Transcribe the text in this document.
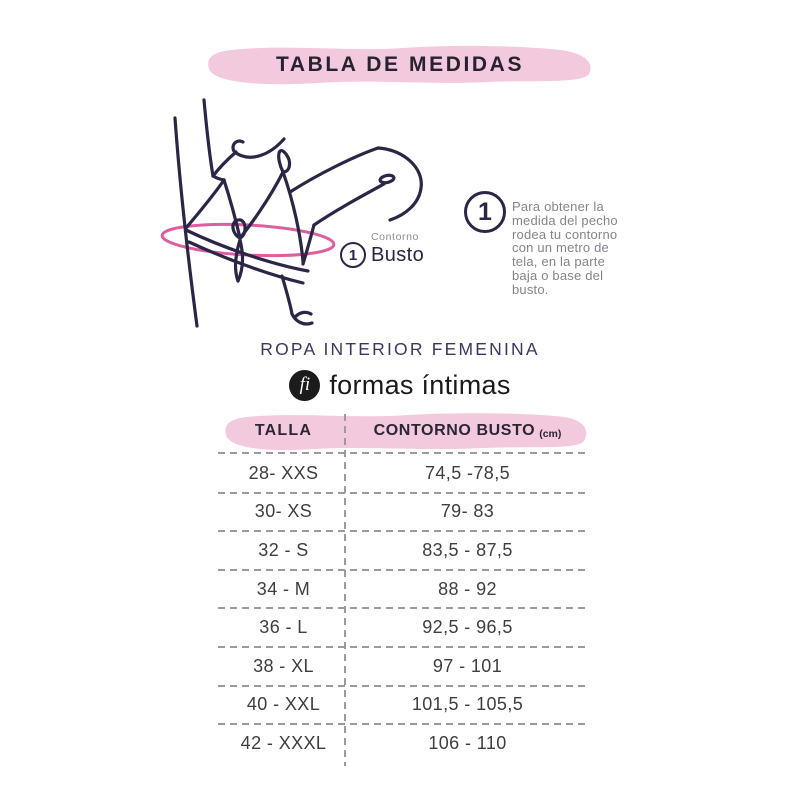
TABLA DE MEDIDAS
1
Contorno
Busto
1 Para obtener la medida del pecho rodea tu contorno con un metro de tela, en la parte baja o base del busto.

ROPA INTERIOR FEMENINA
fi formas íntimas
TALLA	CONTORNO BUSTO (cm)
28- XXS	74,5 -78,5
30- XS	79- 83
32 - S	83,5 - 87,5
34 - M	88 - 92
36 - L	92,5 - 96,5
38 - XL	97 - 101
40 - XXL	101,5 - 105,5
42 - XXXL	106 - 110
